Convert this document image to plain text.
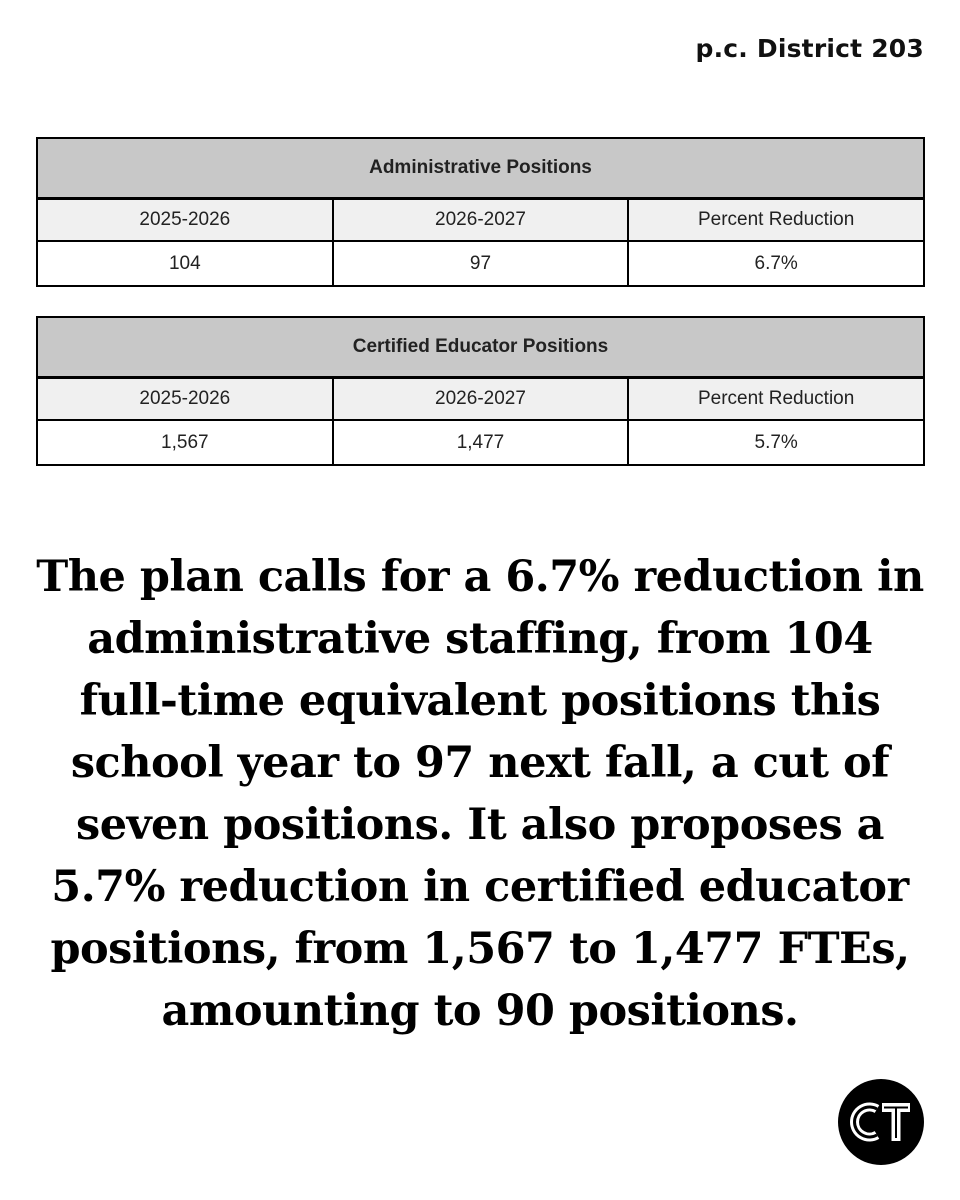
p.c. District 203
Administrative Positions		
2025-2026	2026-2027	Percent Reduction
104	97	6.7%
Certified Educator Positions		
2025-2026	2026-2027	Percent Reduction
1,567	1,477	5.7%
The plan calls for a 6.7% reduction in
administrative staffing, from 104
full-time equivalent positions this
school year to 97 next fall, a cut of
seven positions. It also proposes a
5.7% reduction in certified educator
positions, from 1,567 to 1,477 FTEs,
amounting to 90 positions.
